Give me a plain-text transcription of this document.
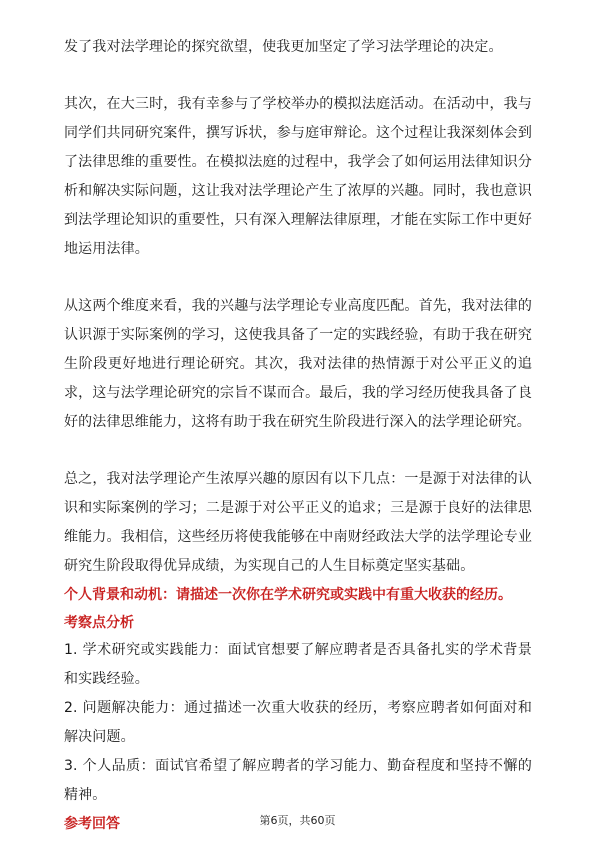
发了我对法学理论的探究欲望，使我更加坚定了学习法学理论的决定。

其次，在大三时，我有幸参与了学校举办的模拟法庭活动。在活动中，我与同学们共同研究案件，撰写诉状，参与庭审辩论。这个过程让我深刻体会到了法律思维的重要性。在模拟法庭的过程中，我学会了如何运用法律知识分析和解决实际问题，这让我对法学理论产生了浓厚的兴趣。同时，我也意识到法学理论知识的重要性，只有深入理解法律原理，才能在实际工作中更好地运用法律。

从这两个维度来看，我的兴趣与法学理论专业高度匹配。首先，我对法律的认识源于实际案例的学习，这使我具备了一定的实践经验，有助于我在研究生阶段更好地进行理论研究。其次，我对法律的热情源于对公平正义的追求，这与法学理论研究的宗旨不谋而合。最后，我的学习经历使我具备了良好的法律思维能力，这将有助于我在研究生阶段进行深入的法学理论研究。

总之，我对法学理论产生浓厚兴趣的原因有以下几点：一是源于对法律的认识和实际案例的学习；二是源于对公平正义的追求；三是源于良好的法律思维能力。我相信，这些经历将使我能够在中南财经政法大学的法学理论专业研究生阶段取得优异成绩，为实现自己的人生目标奠定坚实基础。

个人背景和动机：请描述一次你在学术研究或实践中有重大收获的经历。

考察点分析

1. 学术研究或实践能力：面试官想要了解应聘者是否具备扎实的学术背景和实践经验。

2. 问题解决能力：通过描述一次重大收获的经历，考察应聘者如何面对和解决问题。

3. 个人品质：面试官希望了解应聘者的学习能力、勤奋程度和坚持不懈的精神。

参考回答	第6页，共60页
